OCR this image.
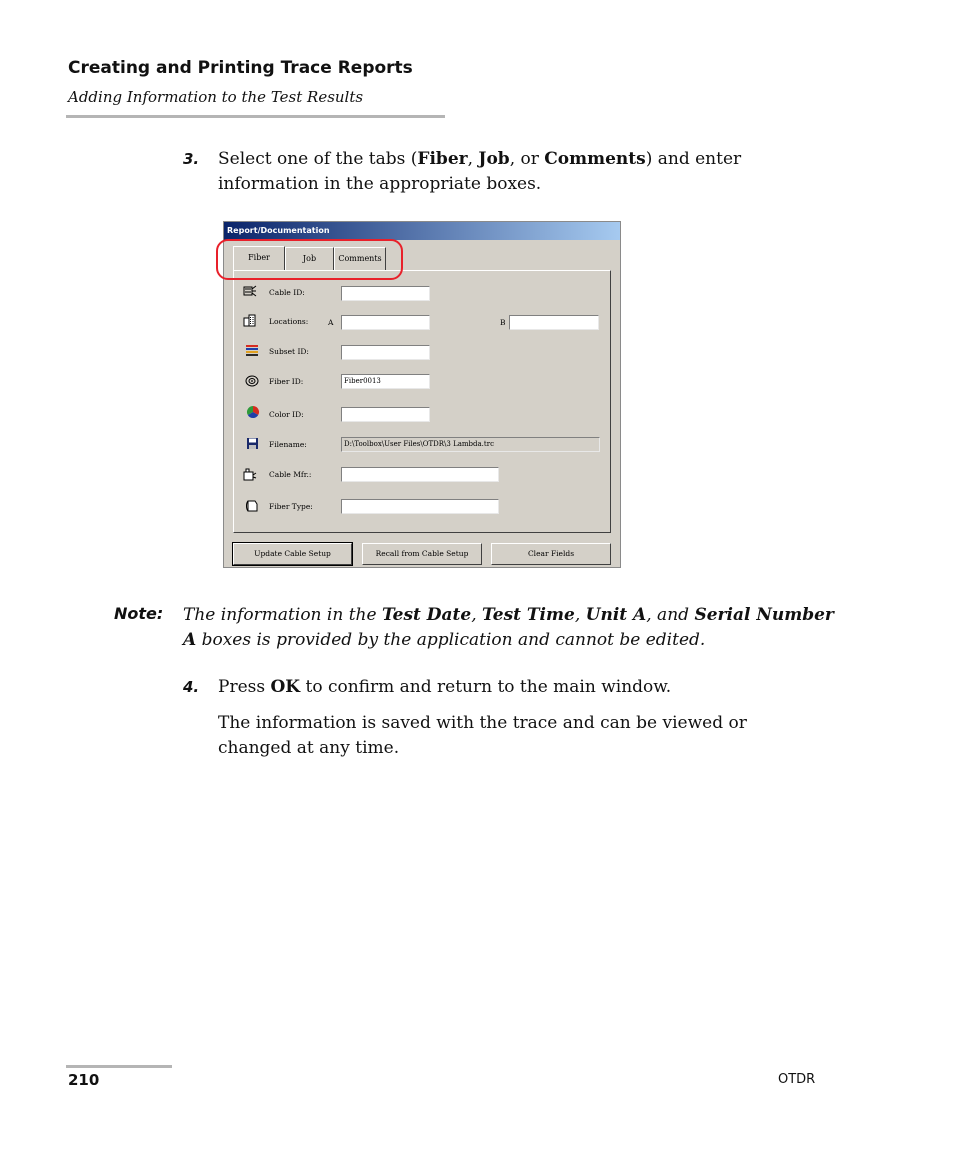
Creating and Printing Trace Reports
Adding Information to the Test Results
3. Select one of the tabs (Fiber, Job, or Comments) and enter information in the appropriate boxes.
Report/Documentation
Fiber	Job	Comments
Cable ID:
Locations:	A	B
Subset ID:
Fiber ID:	Fiber0013
Color ID:
Filename:	D:\Toolbox\User Files\OTDR\3 Lambda.trc
Cable Mfr.:
Fiber Type:
Update Cable Setup	Recall from Cable Setup	Clear Fields
Note: The information in the Test Date, Test Time, Unit A, and Serial Number A boxes is provided by the application and cannot be edited.
4. Press OK to confirm and return to the main window.
The information is saved with the trace and can be viewed or changed at any time.
210	OTDR
